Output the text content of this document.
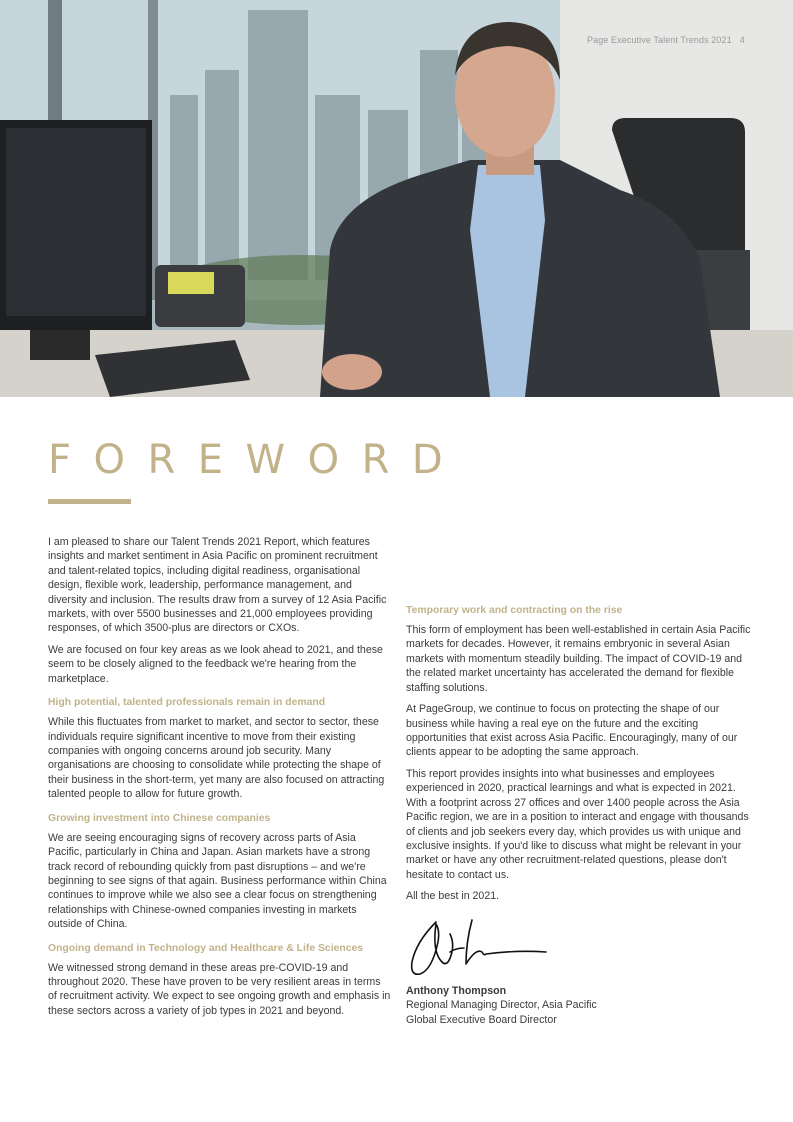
Page Executive Talent Trends 2021 4
FOREWORD

I am pleased to share our Talent Trends 2021 Report, which features insights and market sentiment in Asia Pacific on prominent recruitment and talent-related topics, including digital readiness, organisational design, flexible work, leadership, performance management, and diversity and inclusion. The results draw from a survey of 12 Asia Pacific markets, with over 5500 businesses and 21,000 employees providing responses, of which 3500-plus are directors or CXOs.

We are focused on four key areas as we look ahead to 2021, and these seem to be closely aligned to the feedback we're hearing from the marketplace.

High potential, talented professionals remain in demand

While this fluctuates from market to market, and sector to sector, these individuals require significant incentive to move from their existing companies with ongoing concerns around job security. Many organisations are choosing to consolidate while protecting the shape of their business in the short-term, yet many are also focused on attracting talented people to allow for future growth.

Growing investment into Chinese companies

We are seeing encouraging signs of recovery across parts of Asia Pacific, particularly in China and Japan. Asian markets have a strong track record of rebounding quickly from past disruptions – and we're beginning to see signs of that again. Business performance within China continues to improve while we also see a clear focus on strengthening relationships with Chinese-owned companies investing in markets outside of China.

Ongoing demand in Technology and Healthcare & Life Sciences

We witnessed strong demand in these areas pre-COVID-19 and throughout 2020. These have proven to be very resilient areas in terms of recruitment activity. We expect to see ongoing growth and emphasis in these sectors across a variety of job types in 2021 and beyond.

Temporary work and contracting on the rise

This form of employment has been well-established in certain Asia Pacific markets for decades. However, it remains embryonic in several Asian markets with momentum steadily building. The impact of COVID-19 and the related market uncertainty has accelerated the demand for flexible staffing solutions.

At PageGroup, we continue to focus on protecting the shape of our business while having a real eye on the future and the exciting opportunities that exist across Asia Pacific. Encouragingly, many of our clients appear to be adopting the same approach.

This report provides insights into what businesses and employees experienced in 2020, practical learnings and what is expected in 2021. With a footprint across 27 offices and over 1400 people across the Asia Pacific region, we are in a position to interact and engage with thousands of clients and job seekers every day, which provides us with unique and exclusive insights. If you'd like to discuss what might be relevant in your market or have any other recruitment-related questions, please don't hesitate to contact us.

All the best in 2021.

Anthony Thompson
Regional Managing Director, Asia Pacific
Global Executive Board Director
